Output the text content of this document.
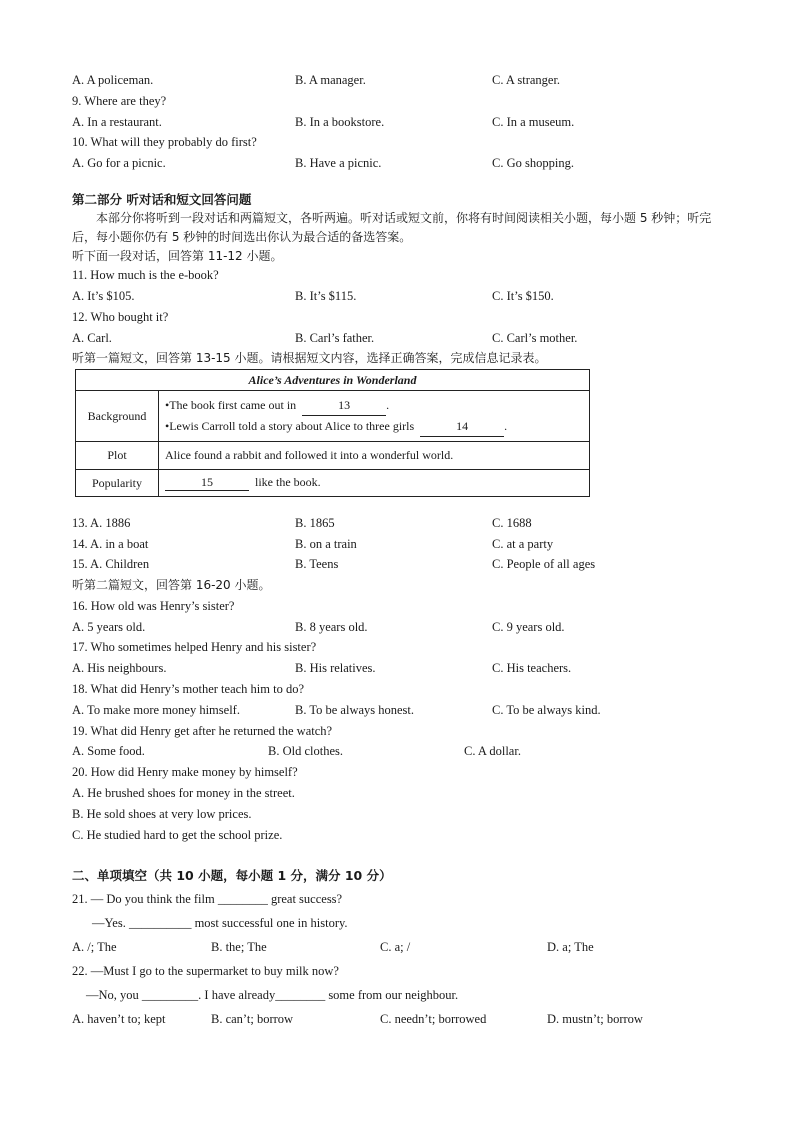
A. A policeman.	B. A manager.	C. A stranger.
9. Where are they?
A. In a restaurant.	B. In a bookstore.	C. In a museum.
10. What will they probably do first?
A. Go for a picnic.	B. Have a picnic.	C. Go shopping.
第二部分 听对话和短文回答问题
本部分你将听到一段对话和两篇短文，各听两遍。听对话或短文前，你将有时间阅读相关小题，每小题 5 秒钟；听完后，每小题你仍有 5 秒钟的时间选出你认为最合适的备选答案。
听下面一段对话，回答第 11-12 小题。
11. How much is the e-book?
A. It’s $105.	B. It’s $115.	C. It’s $150.
12. Who bought it?
A. Carl.	B. Carl’s father.	C. Carl’s mother.
听第一篇短文，回答第 13-15 小题。请根据短文内容，选择正确答案，完成信息记录表。
Alice’s Adventures in Wonderland	
Background	•The book first came out in 13 .
•Lewis Carroll told a story about Alice to three girls 14 .

Plot	Alice found a rabbit and followed it into a wonderful world.
Popularity	15 like the book.
13. A. 1886	B. 1865	C. 1688
14. A. in a boat	B. on a train	C. at a party
15. A. Children	B. Teens	C. People of all ages
听第二篇短文，回答第 16-20 小题。
16. How old was Henry’s sister?
A. 5 years old.	B. 8 years old.	C. 9 years old.
17. Who sometimes helped Henry and his sister?
A. His neighbours.	B. His relatives.	C. His teachers.
18. What did Henry’s mother teach him to do?
A. To make more money himself.	B. To be always honest.	C. To be always kind.
19. What did Henry get after he returned the watch?
A. Some food.	B. Old clothes.	C. A dollar.
20. How did Henry make money by himself?
A. He brushed shoes for money in the street.
B. He sold shoes at very low prices.
C. He studied hard to get the school prize.
二、单项填空（共 10 小题，每小题 1 分，满分 10 分）
21. — Do you think the film ________ great success?
—Yes. __________ most successful one in history.
A. /; The	B. the; The	C. a; /	D. a; The
22. —Must I go to the supermarket to buy milk now?
—No, you _________. I have already________ some from our neighbour.
A. haven’t to; kept	B. can’t; borrow	C. needn’t; borrowed	D. mustn’t; borrow
